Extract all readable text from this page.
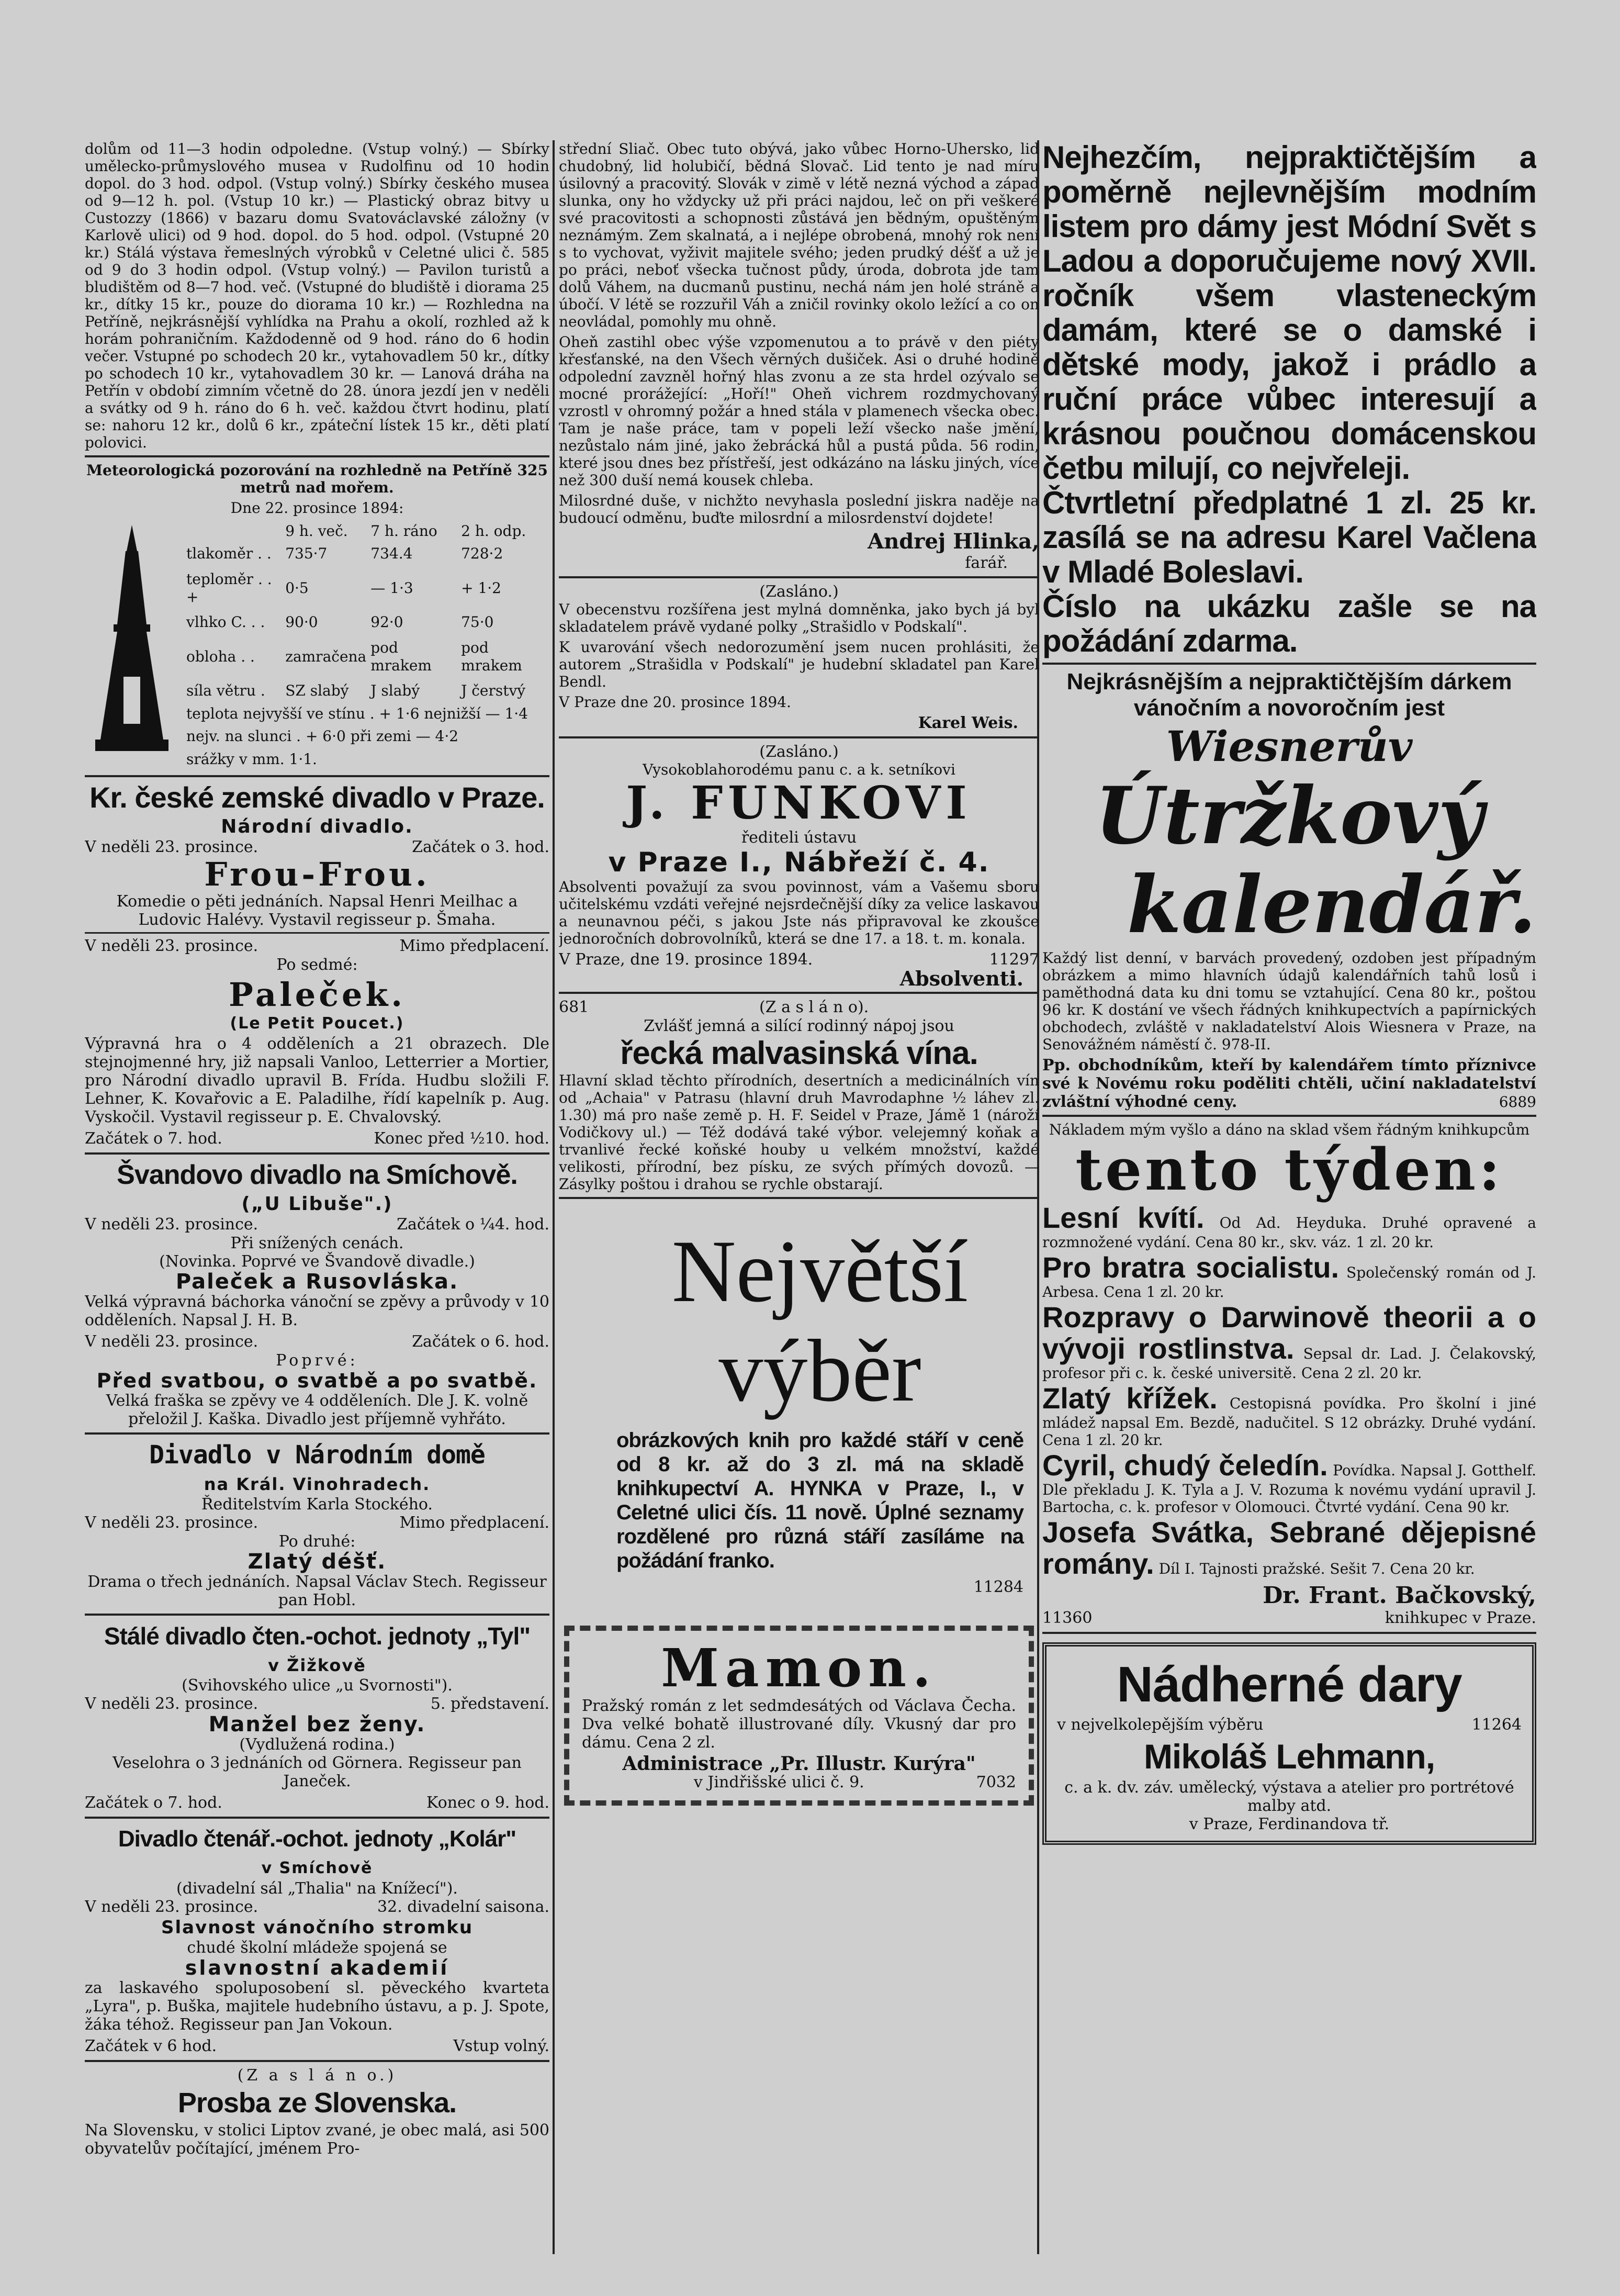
dolům od 11—3 hodin odpoledne. (Vstup volný.) — Sbírky umělecko-průmyslového musea v Rudolfinu od 10 hodin dopol. do 3 hod. odpol. (Vstup volný.) Sbírky českého musea od 9—12 h. pol. (Vstup 10 kr.) — Plastický obraz bitvy u Custozzy (1866) v bazaru domu Svatováclavské záložny (v Karlově ulici) od 9 hod. dopol. do 5 hod. odpol. (Vstupné 20 kr.) Stálá výstava řemeslných výrobků v Celetné ulici č. 585 od 9 do 3 hodin odpol. (Vstup volný.) — Pavilon turistů a bludištěm od 8—7 hod. več. (Vstupné do bludiště i diorama 25 kr., dítky 15 kr., pouze do diorama 10 kr.) — Rozhledna na Petříně, nejkrásnější vyhlídka na Prahu a okolí, rozhled až k horám pohraničním. Každodenně od 9 hod. ráno do 6 hodin večer. Vstupné po schodech 20 kr., vytahovadlem 50 kr., dítky po schodech 10 kr., vytahovadlem 30 kr. — Lanová dráha na Petřín v období zimním včetně do 28. února jezdí jen v neděli a svátky od 9 h. ráno do 6 h. več. každou čtvrt hodinu, platí se: nahoru 12 kr., dolů 6 kr., zpáteční lístek 15 kr., děti platí polovici.

Meteorologická pozorování na rozhledně na Petříně 325 metrů nad mořem.

Dne 22. prosince 1894:

	9 h. več.	7 h. ráno	2 h. odp.
tlakoměr . .	735·7	734.4	728·2
teploměr . . +	0·5	— 1·3	+ 1·2
vlhko C. . .	90·0	92·0	75·0
obloha . .	zamračena	pod mrakem	pod mrakem
síla větru .	SZ slabý	J slabý	J čerstvý
teplota nejvyšší ve stínu . + 1·6 nejnižší — 1·4			
nejv. na slunci . + 6·0 při zemi — 4·2			
srážky v mm. 1·1.			
Kr. české zemské divadlo v Praze.
Národní divadlo.
V neděli 23. prosince.	Začátek o 3. hod.
Frou-Frou.

Komedie o pěti jednáních. Napsal Henri Meilhac a Ludovic Halévy. Vystavil regisseur p. Šmaha.

V neděli 23. prosince.	Mimo předplacení.

Po sedmé:

Paleček.
(Le Petit Poucet.)

Výpravná hra o 4 odděleních a 21 obrazech. Dle stejnojmenné hry, již napsali Vanloo, Letterrier a Mortier, pro Národní divadlo upravil B. Frída. Hudbu složili F. Lehner, K. Kovařovic a E. Paladilhe, řídí kapelník p. Aug. Vyskočil. Vystavil regisseur p. E. Chvalovský.

Začátek o 7. hod.	Konec před ½10. hod.
Švandovo divadlo na Smíchově.
(„U Libuše".)
V neděli 23. prosince.	Začátek o ¼4. hod.

Při snížených cenách.

(Novinka. Poprvé ve Švandově divadle.)

Paleček a Rusovláska.

Velká výpravná báchorka vánoční se zpěvy a průvody v 10 odděleních. Napsal J. H. B.

V neděli 23. prosince.	Začátek o 6. hod.

Poprvé:

Před svatbou, o svatbě a po svatbě.

Velká fraška se zpěvy ve 4 odděleních. Dle J. K. volně přeložil J. Kaška. Divadlo jest příjemně vyhřáto.

Divadlo v Národním domě
na Král. Vinohradech.

Ředitelstvím Karla Stockého.

V neděli 23. prosince.	Mimo předplacení.

Po druhé:

Zlatý déšť.

Drama o třech jednáních. Napsal Václav Stech. Regisseur pan Hobl.

Stálé divadlo čten.-ochot. jednoty „Tyl"
v Žižkově

(Svihovského ulice „u Svornosti").

V neděli 23. prosince.	5. představení.
Manžel bez ženy.

(Vydlužená rodina.)

Veselohra o 3 jednáních od Görnera. Regisseur pan Janeček.

Začátek o 7. hod.	Konec o 9. hod.
Divadlo čtenář.-ochot. jednoty „Kolár"
v Smíchově

(divadelní sál „Thalia" na Knížecí").

V neděli 23. prosince.	32. divadelní saisona.
Slavnost vánočního stromku

chudé školní mládeže spojená se

slavnostní akademií

za laskavého spoluposobení sl. pěveckého kvarteta „Lyra", p. Buška, majitele hudebního ústavu, a p. J. Spote, žáka téhož. Regisseur pan Jan Vokoun.

Začátek v 6 hod.	Vstup volný.

(Z a s l á n o.)

Prosba ze Slovenska.

Na Slovensku, v stolici Liptov zvané, je obec malá, asi 500 obyvatelův počítající, jménem Pro-

střední Sliač. Obec tuto obývá, jako vůbec Horno-Uhersko, lid chudobný, lid holubičí, bědná Slovač. Lid tento je nad míru úsilovný a pracovitý. Slovák v zimě v létě nezná východ a západ slunka, ony ho vždycky už při práci najdou, leč on při veškeré své pracovitosti a schopnosti zůstává jen bědným, opuštěným neznámým. Zem skalnatá, a i nejlépe obrobená, mnohý rok není s to vychovat, vyživit majitele svého; jeden prudký déšť a už je po práci, neboť všecka tučnost půdy, úroda, dobrota jde tam dolů Váhem, na ducmanů pustinu, nechá nám jen holé stráně a úbočí. V létě se rozzuřil Váh a zničil rovinky okolo ležící a co on neovládal, pomohly mu ohně.

Oheň zastihl obec výše vzpomenutou a to právě v den piéty křesťanské, na den Všech věrných dušiček. Asi o druhé hodině odpolední zavzněl hořný hlas zvonu a ze sta hrdel ozývalo se mocné prorážející: „Hoří!" Oheň vichrem rozdmychovaný vzrostl v ohromný požár a hned stála v plamenech všecka obec. Tam je naše práce, tam v popeli leží všecko naše jmění, nezůstalo nám jiné, jako žebrácká hůl a pustá půda. 56 rodin, které jsou dnes bez přístřeší, jest odkázáno na lásku jiných, více než 300 duší nemá kousek chleba.

Milosrdné duše, v nichžto nevyhasla poslední jiskra naděje na budoucí odměnu, buďte milosrdní a milosrdenství dojdete!

Andrej Hlinka,

farář.

(Zasláno.)

V obecenstvu rozšířena jest mylná domněnka, jako bych já byl skladatelem právě vydané polky „Strašidlo v Podskalí".

K uvarování všech nedorozumění jsem nucen prohlásiti, že autorem „Strašidla v Podskalí" je hudební skladatel pan Karel Bendl.

V Praze dne 20. prosince 1894.

Karel Weis.

(Zasláno.)

Vysokoblahorodému panu c. a k. setníkovi

J. FUNKOVI

řediteli ústavu

v Praze I., Nábřeží č. 4.

Absolventi považují za svou povinnost, vám a Vašemu sboru učitelskému vzdáti veřejné nejsrdečnější díky za velice laskavou a neunavnou péči, s jakou Jste nás připravoval ke zkoušce jednoročních dobrovolníků, která se dne 17. a 18. t. m. konala.

V Praze, dne 19. prosince 1894.	11297

Absolventi.

681	(Z a s l á n o).

Zvlášť jemná a silící rodinný nápoj jsou

řecká malvasinská vína.

Hlavní sklad těchto přírodních, desertních a medicinálních vín od „Achaia" v Patrasu (hlavní druh Mavrodaphne ½ láhev zl. 1.30) má pro naše země p. H. F. Seidel v Praze, Jámě 1 (nároží Vodičkovy ul.) — Též dodává také výbor. velejemný koňak a trvanlivé řecké koňské houby u velkém množství, každé velikosti, přírodní, bez písku, ze svých přímých dovozů. — Zásylky poštou i drahou se rychle obstarají.

Největší
výběr

obrázkových knih pro každé stáří v ceně od 8 kr. až do 3 zl. má na skladě knihkupectví A. HYNKA v Praze, I., v Celetné ulici čís. 11 nově. Úplné seznamy rozdělené pro různá stáří zasíláme na požádání franko.

11284

Mamon.

Pražský román z let sedmdesátých od Václava Čecha. Dva velké bohatě illustrované díly. Vkusný dar pro dámu. Cena 2 zl.

Administrace „Pr. Illustr. Kurýra"

v Jindřišské ulici č. 9.	7032

Nejhezčím, nejpraktičtějším a poměrně nejlevnějším modním listem pro dámy jest Módní Svět s Ladou a doporučujeme nový XVII. ročník všem vlasteneckým damám, které se o damské i dětské mody, jakož i prádlo a ruční práce vůbec interesují a krásnou poučnou domácenskou četbu milují, co nejvřeleji.

Čtvrtletní předplatné 1 zl. 25 kr. zasílá se na adresu Karel Vačlena v Mladé Boleslavi.

Číslo na ukázku zašle se na požádání zdarma.

Nejkrásnějším a nejpraktičtějším dárkem vánočním a novoročním jest

Wiesnerův
Útržkový
kalendář.

Každý list denní, v barvách provedený, ozdoben jest případným obrázkem a mimo hlavních údajů kalendářních tahů losů i paměthodná data ku dni tomu se vztahující. Cena 80 kr., poštou 96 kr. K dostání ve všech řádných knihkupectvích a papírnických obchodech, zvláště v nakladatelství Alois Wiesnera v Praze, na Senovážném náměstí č. 978-II.

Pp. obchodníkům, kteří by kalendářem tímto příznivce své k Novému roku poděliti chtěli, učiní nakladatelství zvláštní výhodné ceny.	6889

Nákladem mým vyšlo a dáno na sklad všem řádným knihkupcům

tento týden:

Lesní kvítí. Od Ad. Heyduka. Druhé opravené a rozmnožené vydání. Cena 80 kr., skv. váz. 1 zl. 20 kr.

Pro bratra socialistu. Společenský román od J. Arbesa. Cena 1 zl. 20 kr.

Rozpravy o Darwinově theorii a o vývoji rostlinstva. Sepsal dr. Lad. J. Čelakovský, profesor při c. k. české universitě. Cena 2 zl. 20 kr.

Zlatý křížek. Cestopisná povídka. Pro školní i jiné mládež napsal Em. Bezdě, nadučitel. S 12 obrázky. Druhé vydání. Cena 1 zl. 20 kr.

Cyril, chudý čeledín. Povídka. Napsal J. Gotthelf. Dle překladu J. K. Tyla a J. V. Rozuma k novému vydání upravil J. Bartocha, c. k. profesor v Olomouci. Čtvrté vydání. Cena 90 kr.

Josefa Svátka, Sebrané dějepisné romány. Díl I. Tajnosti pražské. Sešit 7. Cena 20 kr.

Dr. Frant. Bačkovský,

11360	knihkupec v Praze.
Nádherné dary
v nejvelkolepějším výběru	11264
Mikoláš Lehmann,

c. a k. dv. záv. umělecký, výstava a atelier pro portrétové malby atd.

v Praze, Ferdinandova tř.
